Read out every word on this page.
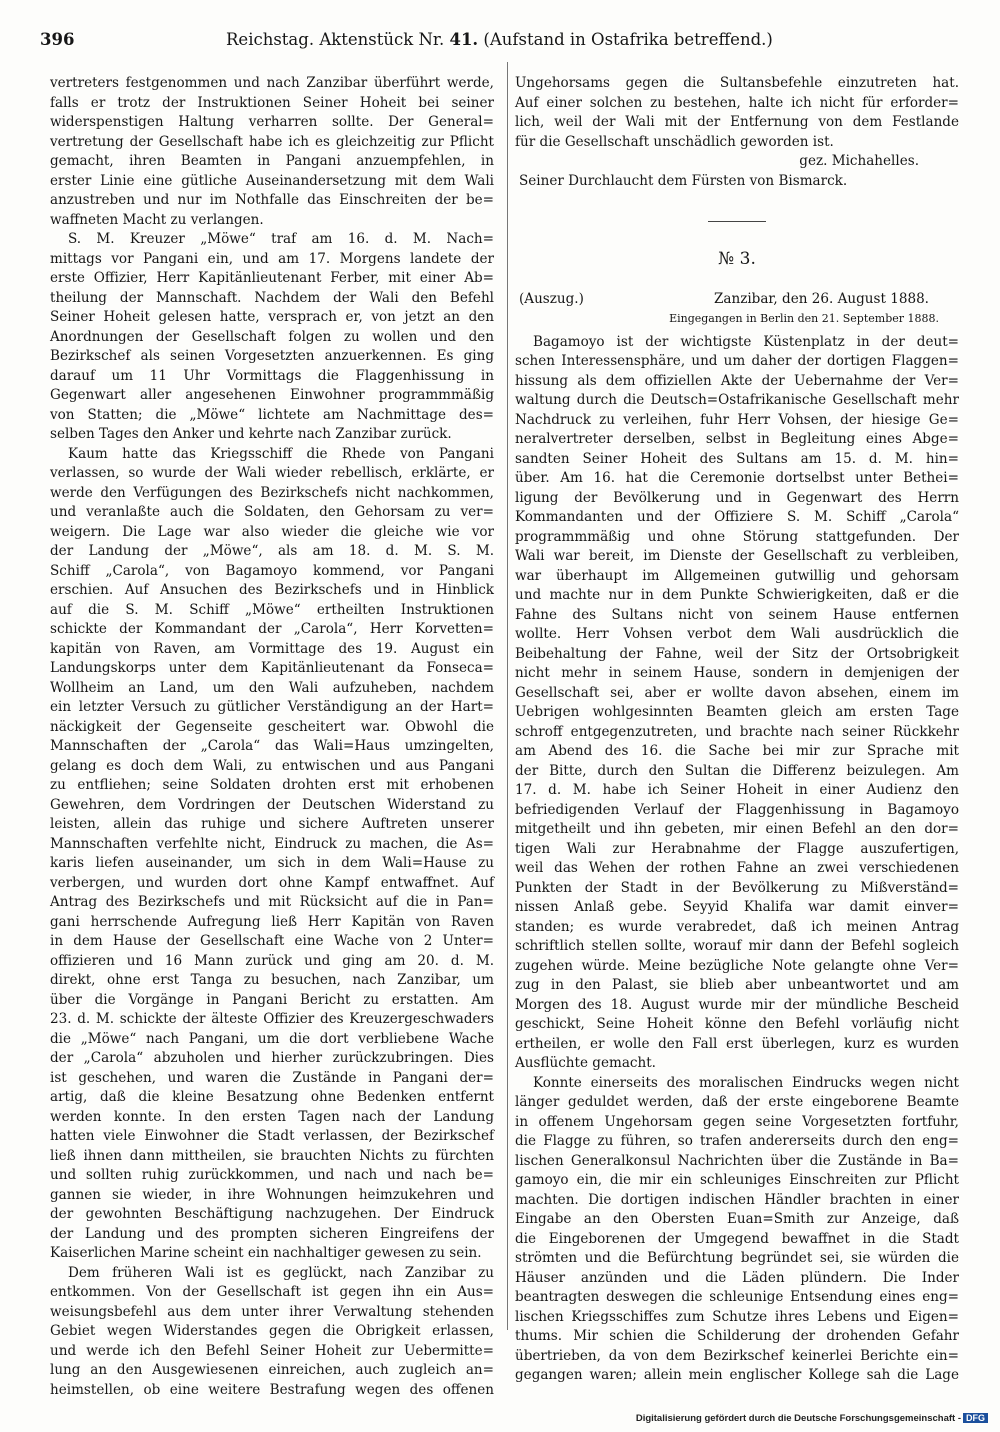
396	Reichstag. Aktenstück Nr. 41. (Aufstand in Ostafrika betreffend.)
vertreters festgenommen und nach Zanzibar überführt werde,
falls er trotz der Instruktionen Seiner Hoheit bei seiner
widerspenstigen Haltung verharren sollte. Der General=
vertretung der Gesellschaft habe ich es gleichzeitig zur Pflicht
gemacht, ihren Beamten in Pangani anzuempfehlen, in
erster Linie eine gütliche Auseinandersetzung mit dem Wali
anzustreben und nur im Nothfalle das Einschreiten der be=
waffneten Macht zu verlangen.
S. M. Kreuzer „Möwe“ traf am 16. d. M. Nach=
mittags vor Pangani ein, und am 17. Morgens landete der
erste Offizier, Herr Kapitänlieutenant Ferber, mit einer Ab=
theilung der Mannschaft. Nachdem der Wali den Befehl
Seiner Hoheit gelesen hatte, versprach er, von jetzt an den
Anordnungen der Gesellschaft folgen zu wollen und den
Bezirkschef als seinen Vorgesetzten anzuerkennen. Es ging
darauf um 11 Uhr Vormittags die Flaggenhissung in
Gegenwart aller angesehenen Einwohner programmmäßig
von Statten; die „Möwe“ lichtete am Nachmittage des=
selben Tages den Anker und kehrte nach Zanzibar zurück.
Kaum hatte das Kriegsschiff die Rhede von Pangani
verlassen, so wurde der Wali wieder rebellisch, erklärte, er
werde den Verfügungen des Bezirkschefs nicht nachkommen,
und veranlaßte auch die Soldaten, den Gehorsam zu ver=
weigern. Die Lage war also wieder die gleiche wie vor
der Landung der „Möwe“, als am 18. d. M. S. M.
Schiff „Carola“, von Bagamoyo kommend, vor Pangani
erschien. Auf Ansuchen des Bezirkschefs und in Hinblick
auf die S. M. Schiff „Möwe“ ertheilten Instruktionen
schickte der Kommandant der „Carola“, Herr Korvetten=
kapitän von Raven, am Vormittage des 19. August ein
Landungskorps unter dem Kapitänlieutenant da Fonseca=
Wollheim an Land, um den Wali aufzuheben, nachdem
ein letzter Versuch zu gütlicher Verständigung an der Hart=
näckigkeit der Gegenseite gescheitert war. Obwohl die
Mannschaften der „Carola“ das Wali=Haus umzingelten,
gelang es doch dem Wali, zu entwischen und aus Pangani
zu entfliehen; seine Soldaten drohten erst mit erhobenen
Gewehren, dem Vordringen der Deutschen Widerstand zu
leisten, allein das ruhige und sichere Auftreten unserer
Mannschaften verfehlte nicht, Eindruck zu machen, die As=
karis liefen auseinander, um sich in dem Wali=Hause zu
verbergen, und wurden dort ohne Kampf entwaffnet. Auf
Antrag des Bezirkschefs und mit Rücksicht auf die in Pan=
gani herrschende Aufregung ließ Herr Kapitän von Raven
in dem Hause der Gesellschaft eine Wache von 2 Unter=
offizieren und 16 Mann zurück und ging am 20. d. M.
direkt, ohne erst Tanga zu besuchen, nach Zanzibar, um
über die Vorgänge in Pangani Bericht zu erstatten. Am
23. d. M. schickte der älteste Offizier des Kreuzergeschwaders
die „Möwe“ nach Pangani, um die dort verbliebene Wache
der „Carola“ abzuholen und hierher zurückzubringen. Dies
ist geschehen, und waren die Zustände in Pangani der=
artig, daß die kleine Besatzung ohne Bedenken entfernt
werden konnte. In den ersten Tagen nach der Landung
hatten viele Einwohner die Stadt verlassen, der Bezirkschef
ließ ihnen dann mittheilen, sie brauchten Nichts zu fürchten
und sollten ruhig zurückkommen, und nach und nach be=
gannen sie wieder, in ihre Wohnungen heimzukehren und
der gewohnten Beschäftigung nachzugehen. Der Eindruck
der Landung und des prompten sicheren Eingreifens der
Kaiserlichen Marine scheint ein nachhaltiger gewesen zu sein.
Dem früheren Wali ist es geglückt, nach Zanzibar zu
entkommen. Von der Gesellschaft ist gegen ihn ein Aus=
weisungsbefehl aus dem unter ihrer Verwaltung stehenden
Gebiet wegen Widerstandes gegen die Obrigkeit erlassen,
und werde ich den Befehl Seiner Hoheit zur Uebermitte=
lung an den Ausgewiesenen einreichen, auch zugleich an=
heimstellen, ob eine weitere Bestrafung wegen des offenen
Ungehorsams gegen die Sultansbefehle einzutreten hat.
Auf einer solchen zu bestehen, halte ich nicht für erforder=
lich, weil der Wali mit der Entfernung von dem Festlande
für die Gesellschaft unschädlich geworden ist.
gez. Michahelles.
Seiner Durchlaucht dem Fürsten von Bismarck.
№ 3.
(Auszug.)	Zanzibar, den 26. August 1888.
Eingegangen in Berlin den 21. September 1888.
Bagamoyo ist der wichtigste Küstenplatz in der deut=
schen Interessensphäre, und um daher der dortigen Flaggen=
hissung als dem offiziellen Akte der Uebernahme der Ver=
waltung durch die Deutsch=Ostafrikanische Gesellschaft mehr
Nachdruck zu verleihen, fuhr Herr Vohsen, der hiesige Ge=
neralvertreter derselben, selbst in Begleitung eines Abge=
sandten Seiner Hoheit des Sultans am 15. d. M. hin=
über. Am 16. hat die Ceremonie dortselbst unter Bethei=
ligung der Bevölkerung und in Gegenwart des Herrn
Kommandanten und der Offiziere S. M. Schiff „Carola“
programmmäßig und ohne Störung stattgefunden. Der
Wali war bereit, im Dienste der Gesellschaft zu verbleiben,
war überhaupt im Allgemeinen gutwillig und gehorsam
und machte nur in dem Punkte Schwierigkeiten, daß er die
Fahne des Sultans nicht von seinem Hause entfernen
wollte. Herr Vohsen verbot dem Wali ausdrücklich die
Beibehaltung der Fahne, weil der Sitz der Ortsobrigkeit
nicht mehr in seinem Hause, sondern in demjenigen der
Gesellschaft sei, aber er wollte davon absehen, einem im
Uebrigen wohlgesinnten Beamten gleich am ersten Tage
schroff entgegenzutreten, und brachte nach seiner Rückkehr
am Abend des 16. die Sache bei mir zur Sprache mit
der Bitte, durch den Sultan die Differenz beizulegen. Am
17. d. M. habe ich Seiner Hoheit in einer Audienz den
befriedigenden Verlauf der Flaggenhissung in Bagamoyo
mitgetheilt und ihn gebeten, mir einen Befehl an den dor=
tigen Wali zur Herabnahme der Flagge auszufertigen,
weil das Wehen der rothen Fahne an zwei verschiedenen
Punkten der Stadt in der Bevölkerung zu Mißverständ=
nissen Anlaß gebe. Seyyid Khalifa war damit einver=
standen; es wurde verabredet, daß ich meinen Antrag
schriftlich stellen sollte, worauf mir dann der Befehl sogleich
zugehen würde. Meine bezügliche Note gelangte ohne Ver=
zug in den Palast, sie blieb aber unbeantwortet und am
Morgen des 18. August wurde mir der mündliche Bescheid
geschickt, Seine Hoheit könne den Befehl vorläufig nicht
ertheilen, er wolle den Fall erst überlegen, kurz es wurden
Ausflüchte gemacht.
Konnte einerseits des moralischen Eindrucks wegen nicht
länger geduldet werden, daß der erste eingeborene Beamte
in offenem Ungehorsam gegen seine Vorgesetzten fortfuhr,
die Flagge zu führen, so trafen andererseits durch den eng=
lischen Generalkonsul Nachrichten über die Zustände in Ba=
gamoyo ein, die mir ein schleuniges Einschreiten zur Pflicht
machten. Die dortigen indischen Händler brachten in einer
Eingabe an den Obersten Euan=Smith zur Anzeige, daß
die Eingeborenen der Umgegend bewaffnet in die Stadt
strömten und die Befürchtung begründet sei, sie würden die
Häuser anzünden und die Läden plündern. Die Inder
beantragten deswegen die schleunige Entsendung eines eng=
lischen Kriegsschiffes zum Schutze ihres Lebens und Eigen=
thums. Mir schien die Schilderung der drohenden Gefahr
übertrieben, da von dem Bezirkschef keinerlei Berichte ein=
gegangen waren; allein mein englischer Kollege sah die Lage
Digitalisierung gefördert durch die Deutsche Forschungsgemeinschaft - DFG
